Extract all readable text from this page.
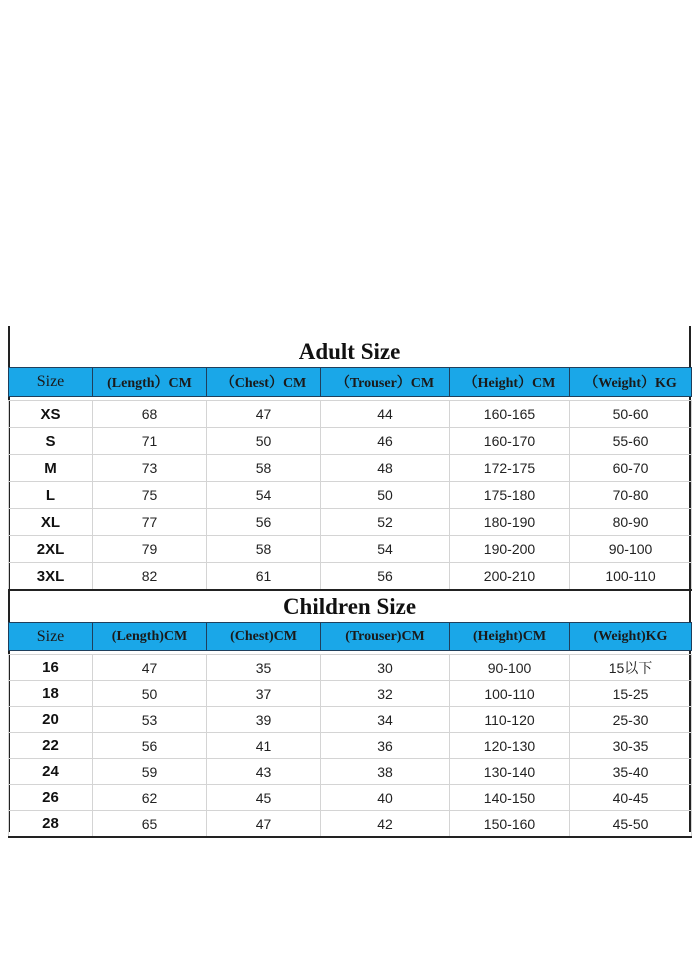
Adult Size
Size	(Length）CM	（Chest）CM	（Trouser）CM	（Height）CM	（Weight）KG

XS	68	47	44	160-165	50-60
S	71	50	46	160-170	55-60
M	73	58	48	172-175	60-70
L	75	54	50	175-180	70-80
XL	77	56	52	180-190	80-90
2XL	79	58	54	190-200	90-100
3XL	82	61	56	200-210	100-110
Children Size
Size	(Length)CM	(Chest)CM	(Trouser)CM	(Height)CM	(Weight)KG

16	47	35	30	90-100	15以下
18	50	37	32	100-110	15-25
20	53	39	34	110-120	25-30
22	56	41	36	120-130	30-35
24	59	43	38	130-140	35-40
26	62	45	40	140-150	40-45
28	65	47	42	150-160	45-50
